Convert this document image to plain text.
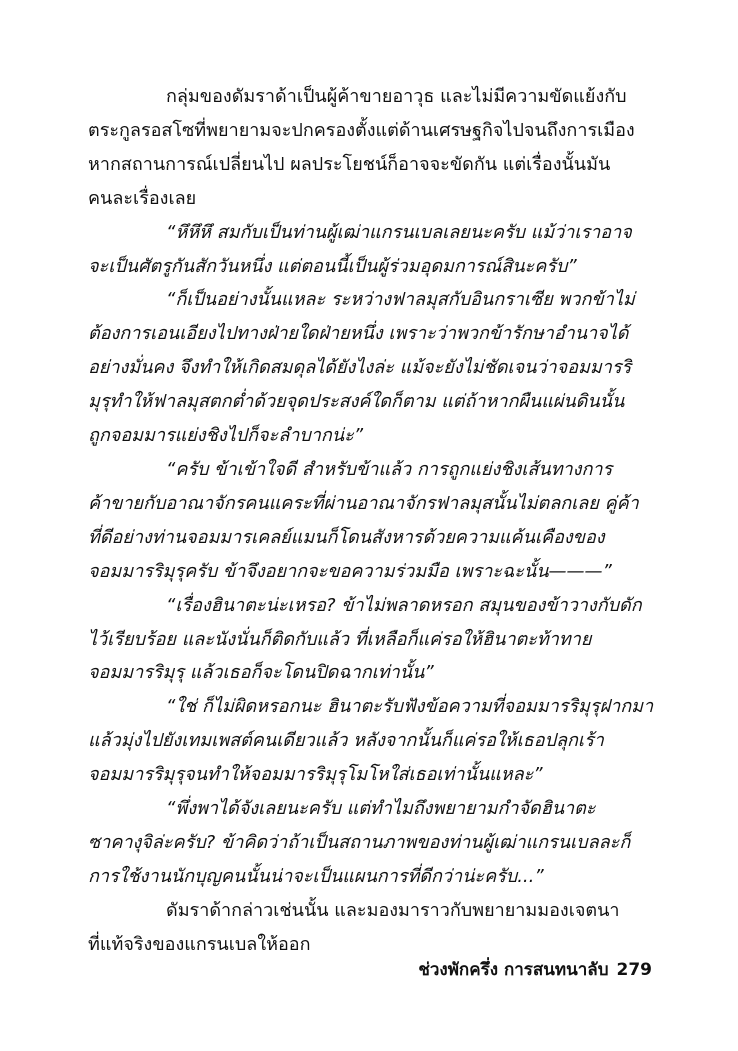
กลุ่มของดัมราด้าเป็นผู้ค้าขายอาวุธ และไม่มีความขัดแย้งกับ
ตระกูลรอสโซที่พยายามจะปกครองตั้งแต่ด้านเศรษฐกิจไปจนถึงการเมือง
หากสถานการณ์เปลี่ยนไป ผลประโยชน์ก็อาจจะขัดกัน แต่เรื่องนั้นมัน
คนละเรื่องเลย

“หึหึหึ สมกับเป็นท่านผู้เฒ่าแกรนเบลเลยนะครับ แม้ว่าเราอาจ
จะเป็นศัตรูกันสักวันหนึ่ง แต่ตอนนี้เป็นผู้ร่วมอุดมการณ์สินะครับ”

“ก็เป็นอย่างนั้นแหละ ระหว่างฟาลมุสกับอินกราเซีย พวกข้าไม่
ต้องการเอนเอียงไปทางฝ่ายใดฝ่ายหนึ่ง เพราะว่าพวกข้ารักษาอำนาจได้
อย่างมั่นคง จึงทำให้เกิดสมดุลได้ยังไงล่ะ แม้จะยังไม่ชัดเจนว่าจอมมารริ
มุรุทำให้ฟาลมุสตกต่ำด้วยจุดประสงค์ใดก็ตาม แต่ถ้าหากผืนแผ่นดินนั้น
ถูกจอมมารแย่งชิงไปก็จะลำบากน่ะ”

“ครับ ข้าเข้าใจดี สำหรับข้าแล้ว การถูกแย่งชิงเส้นทางการ
ค้าขายกับอาณาจักรคนแคระที่ผ่านอาณาจักรฟาลมุสนั้นไม่ตลกเลย คู่ค้า
ที่ดีอย่างท่านจอมมารเคลย์แมนก็โดนสังหารด้วยความแค้นเคืองของ
จอมมารริมุรุครับ ข้าจึงอยากจะขอความร่วมมือ เพราะฉะนั้น———”

“เรื่องฮินาตะน่ะเหรอ? ข้าไม่พลาดหรอก สมุนของข้าวางกับดัก
ไว้เรียบร้อย และนังนั่นก็ติดกับแล้ว ที่เหลือก็แค่รอให้ฮินาตะท้าทาย
จอมมารริมุรุ แล้วเธอก็จะโดนปิดฉากเท่านั้น”

“ใช่ ก็ไม่ผิดหรอกนะ ฮินาตะรับฟังข้อความที่จอมมารริมุรุฝากมา
แล้วมุ่งไปยังเทมเพสต์คนเดียวแล้ว หลังจากนั้นก็แค่รอให้เธอปลุกเร้า
จอมมารริมุรุจนทำให้จอมมารริมุรุโมโหใส่เธอเท่านั้นแหละ”

“พึ่งพาได้จังเลยนะครับ แต่ทำไมถึงพยายามกำจัดฮินาตะ
ซาคางุจิล่ะครับ? ข้าคิดว่าถ้าเป็นสถานภาพของท่านผู้เฒ่าแกรนเบลละก็
การใช้งานนักบุญคนนั้นน่าจะเป็นแผนการที่ดีกว่าน่ะครับ...”

ดัมราด้ากล่าวเช่นนั้น และมองมาราวกับพยายามมองเจตนา
ที่แท้จริงของแกรนเบลให้ออก

ช่วงพักครึ่ง การสนทนาลับ 279
